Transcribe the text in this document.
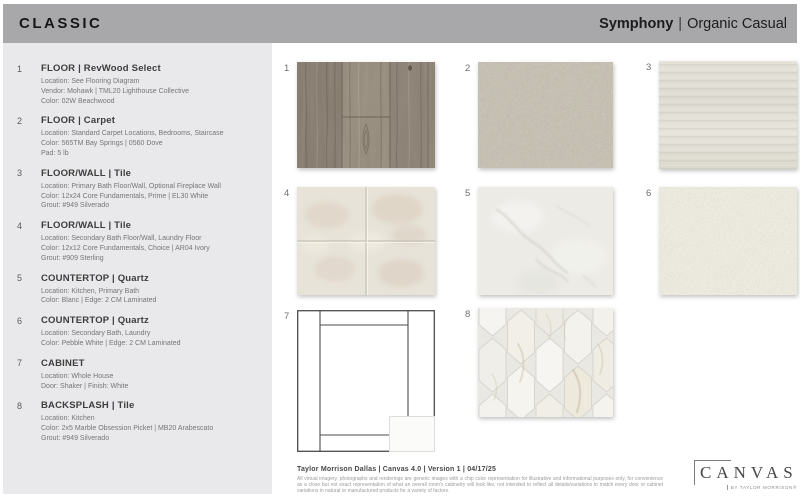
CLASSIC	Symphony | Organic Casual
1	FLOOR | RevWood Select
Location: See Flooring Diagram
Vendor: Mohawk | TML20 Lighthouse Collective
Color: 02W Beachwood
2	FLOOR | Carpet
Location: Standard Carpet Locations, Bedrooms, Staircase
Color: 565TM Bay Springs | 0560 Dove
Pad: 5 lb
3	FLOOR/WALL | Tile
Location: Primary Bath Floor/Wall, Optional Fireplace Wall
Color: 12x24 Core Fundamentals, Prime | EL30 White
Grout: #949 Silverado
4	FLOOR/WALL | Tile
Location: Secondary Bath Floor/Wall, Laundry Floor
Color: 12x12 Core Fundamentals, Choice | AR04 Ivory
Grout: #909 Sterling
5	COUNTERTOP | Quartz
Location: Kitchen, Primary Bath
Color: Blanc | Edge: 2 CM Laminated
6	COUNTERTOP | Quartz
Location: Secondary Bath, Laundry
Color: Pebble White | Edge: 2 CM Laminated
7	CABINET
Location: Whole House
Door: Shaker | Finish: White
8	BACKSPLASH | Tile
Location: Kitchen
Color: 2x5 Marble Obsession Picket | MB20 Arabescato
Grout: #949 Silverado
1	2	3
4	5	6
7	8
Taylor Morrison Dallas | Canvas 4.0 | Version 1 | 04/17/25
All virtual imagery, photographs and renderings are generic images with a chip color representation for illustrative and informational purposes only, for convenience as a close but not exact representation of what an overall room's cabinetry will look like, not intended to reflect all details/variations to match every door or cabinet variations in natural or manufactured products for a variety of factors.
CANVAS
BY TAYLOR MORRISON®
